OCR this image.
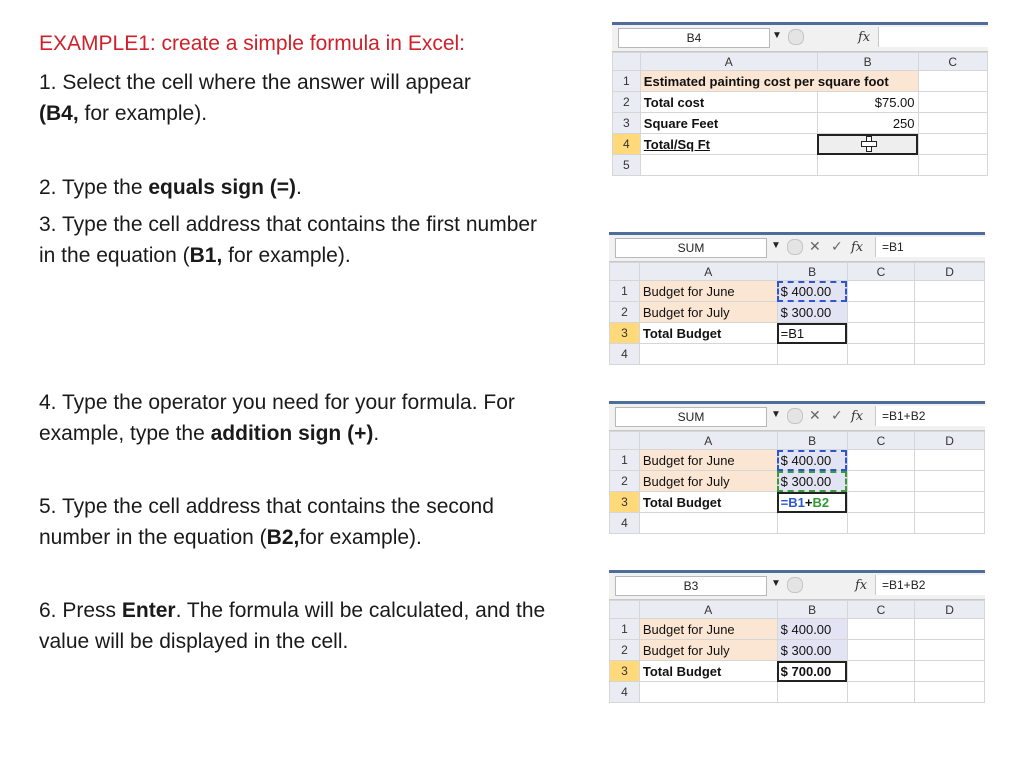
EXAMPLE1: create a simple formula in Excel:
1. Select the cell where the answer will appear (B4, for example).
2. Type the equals sign (=).
3. Type the cell address that contains the first number in the equation (B1, for example).
4. Type the operator you need for your formula. For example, type the addition sign (+).
5. Type the cell address that contains the second number in the equation (B2,for example).
6. Press Enter. The formula will be calculated, and the value will be displayed in the cell.
B4	▼	fx
	A	B	C
1	Estimated painting cost per square foot		
2	Total cost	$75.00	
3	Square Feet	250	
4	Total/Sq Ft		
5			
SUM	▼ ✕ ✓ fx	=B1
	A	B	C	D
1	Budget for June	$ 400.00		
2	Budget for July	$ 300.00		
3	Total Budget	=B1		
4				
SUM	▼ ✕ ✓ fx	=B1+B2
	A	B	C	D
1	Budget for June	$ 400.00		
2	Budget for July	$ 300.00		
3	Total Budget	=B1+B2		
4				
B3	▼	fx	=B1+B2
	A	B	C	D
1	Budget for June	$ 400.00		
2	Budget for July	$ 300.00		
3	Total Budget	$ 700.00		
4				
